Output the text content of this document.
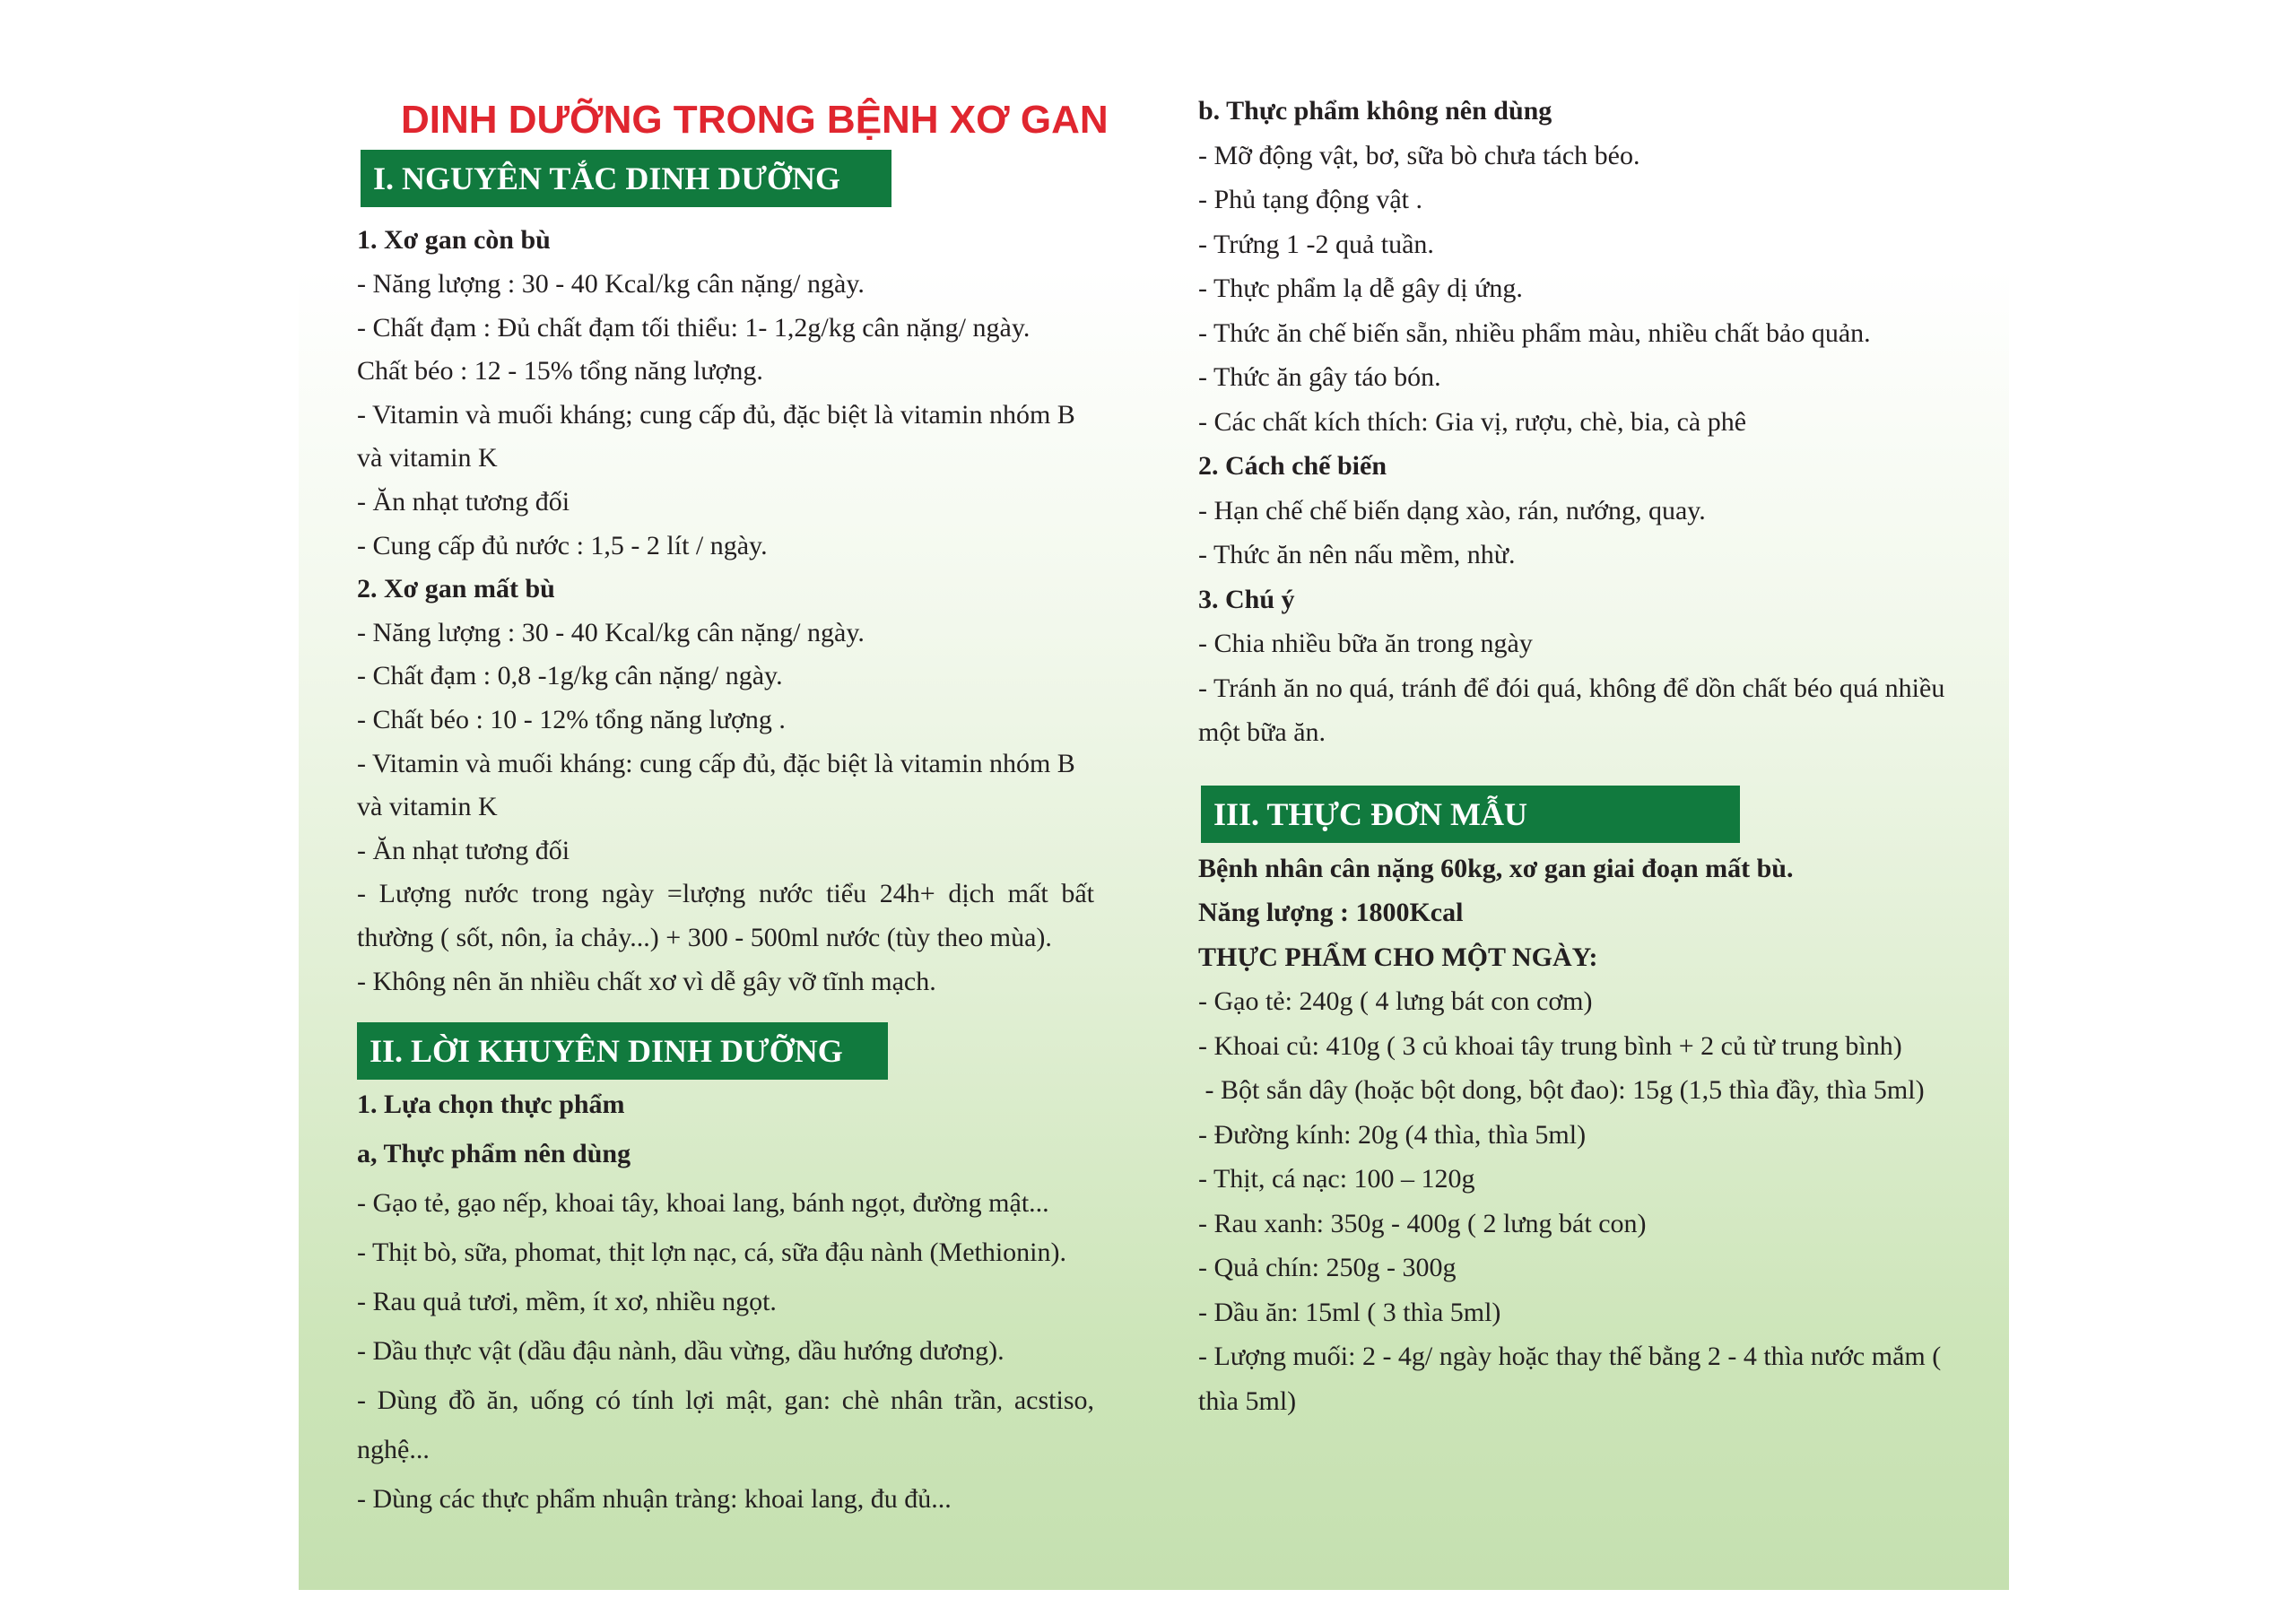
DINH DƯỠNG TRONG BỆNH XƠ GAN
I. NGUYÊN TẮC DINH DƯỠNG
II. LỜI KHUYÊN DINH DƯỠNG
III. THỰC ĐƠN MẪU
1. Xơ gan còn bù
- Năng lượng : 30 - 40 Kcal/kg cân nặng/ ngày.
- Chất đạm : Đủ chất đạm tối thiểu: 1- 1,2g/kg cân nặng/ ngày.
Chất béo : 12 - 15% tổng năng lượng.
- Vitamin và muối kháng; cung cấp đủ, đặc biệt là vitamin nhóm B
và vitamin K
- Ăn nhạt tương đối
- Cung cấp đủ nước : 1,5 - 2 lít / ngày.
2. Xơ gan mất bù
- Năng lượng : 30 - 40 Kcal/kg cân nặng/ ngày.
- Chất đạm : 0,8 -1g/kg cân nặng/ ngày.
- Chất béo : 10 - 12% tổng năng lượng .
- Vitamin và muối kháng: cung cấp đủ, đặc biệt là vitamin nhóm B
và vitamin K
- Ăn nhạt tương đối
- Lượng nước trong ngày =lượng nước tiểu 24h+ dịch mất bất
thường ( sốt, nôn, ỉa chảy...) + 300 - 500ml nước (tùy theo mùa).
- Không nên ăn nhiều chất xơ vì dễ gây vỡ tĩnh mạch.
1. Lựa chọn thực phẩm
a, Thực phẩm nên dùng
- Gạo tẻ, gạo nếp, khoai tây, khoai lang, bánh ngọt, đường mật...
- Thịt bò, sữa, phomat, thịt lợn nạc, cá, sữa đậu nành (Methionin).
- Rau quả tươi, mềm, ít xơ, nhiều ngọt.
- Dầu thực vật (dầu đậu nành, dầu vừng, dầu hướng dương).
- Dùng đồ ăn, uống có tính lợi mật, gan: chè nhân trần, acstiso,
nghệ...
- Dùng các thực phẩm nhuận tràng: khoai lang, đu đủ...
b. Thực phẩm không nên dùng
- Mỡ động vật, bơ, sữa bò chưa tách béo.
- Phủ tạng động vật .
- Trứng 1 -2 quả tuần.
- Thực phẩm lạ dễ gây dị ứng.
- Thức ăn chế biến sẵn, nhiều phẩm màu, nhiều chất bảo quản.
- Thức ăn gây táo bón.
- Các chất kích thích: Gia vị, rượu, chè, bia, cà phê
2. Cách chế biến
- Hạn chế chế biến dạng xào, rán, nướng, quay.
- Thức ăn nên nấu mềm, nhừ.
3. Chú ý
- Chia nhiều bữa ăn trong ngày
- Tránh ăn no quá, tránh để đói quá, không để dồn chất béo quá nhiều
một bữa ăn.
Bệnh nhân cân nặng 60kg, xơ gan giai đoạn mất bù.
Năng lượng : 1800Kcal
THỰC PHẨM CHO MỘT NGÀY:
- Gạo tẻ: 240g ( 4 lưng bát con cơm)
- Khoai củ: 410g ( 3 củ khoai tây trung bình + 2 củ từ trung bình)
- Bột sắn dây (hoặc bột dong, bột đao): 15g (1,5 thìa đầy, thìa 5ml)
- Đường kính: 20g (4 thìa, thìa 5ml)
- Thịt, cá nạc: 100 – 120g
- Rau xanh: 350g - 400g ( 2 lưng bát con)
- Quả chín: 250g - 300g
- Dầu ăn: 15ml ( 3 thìa 5ml)
- Lượng muối: 2 - 4g/ ngày hoặc thay thế bằng 2 - 4 thìa nước mắm (
thìa 5ml)
